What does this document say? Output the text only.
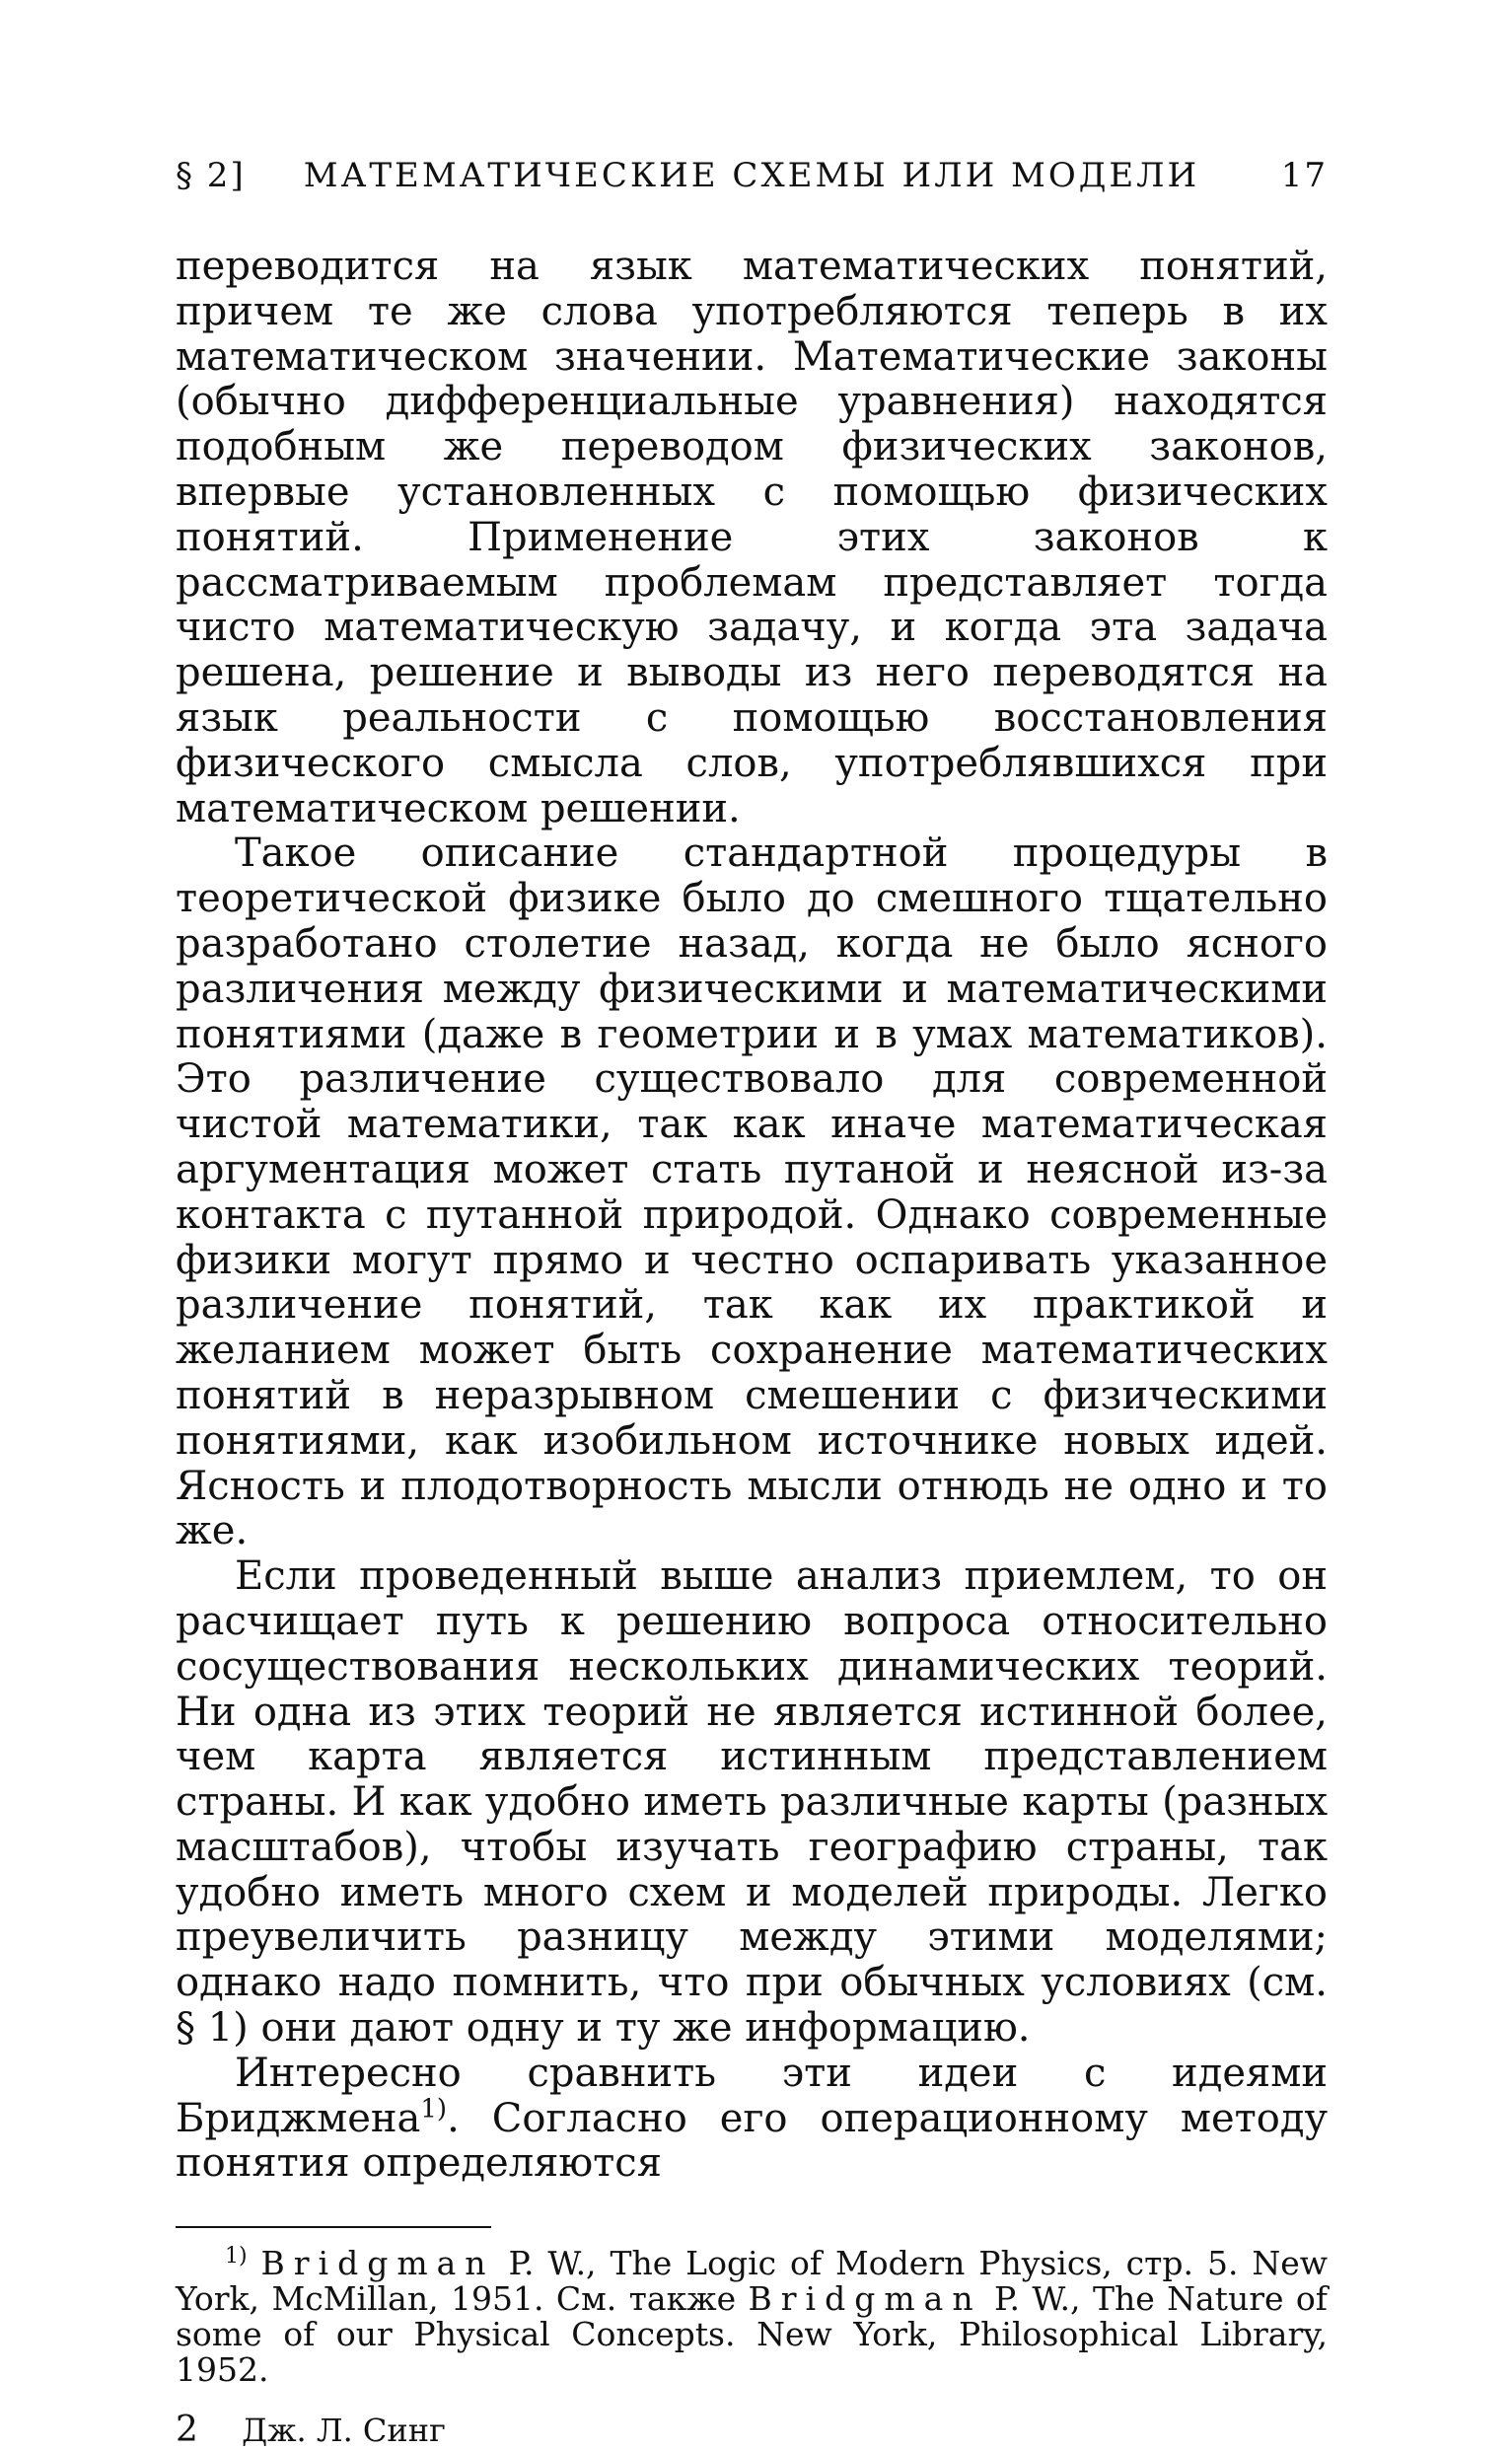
§ 2]	МАТЕМАТИЧЕСКИЕ СХЕМЫ ИЛИ МОДЕЛИ	17

переводится на язык математических понятий, причем те же слова употребляются теперь в их математическом значении. Математические законы (обычно дифференциальные уравнения) находятся подобным же переводом физических законов, впервые установленных с помощью физических понятий. Применение этих законов к рассматриваемым проблемам представляет тогда чисто математическую задачу, и когда эта задача решена, решение и выводы из него переводятся на язык реальности с помощью восстановления физического смысла слов, употреблявшихся при математическом решении.

Такое описание стандартной процедуры в теоретической физике было до смешного тщательно разработано столетие назад, когда не было ясного различения между физическими и математическими понятиями (даже в геометрии и в умах математиков). Это различение существовало для современной чистой математики, так как иначе математическая аргументация может стать путаной и неясной из-за контакта с путанной природой. Однако современные физики могут прямо и честно оспаривать указанное различение понятий, так как их практикой и желанием может быть сохранение математических понятий в неразрывном смешении с физическими понятиями, как изобильном источнике новых идей. Ясность и плодотворность мысли отнюдь не одно и то же.

Если проведенный выше анализ приемлем, то он расчищает путь к решению вопроса относительно сосуществования нескольких динамических теорий. Ни одна из этих теорий не является истинной более, чем карта является истинным представлением страны. И как удобно иметь различные карты (разных масштабов), чтобы изучать географию страны, так удобно иметь много схем и моделей природы. Легко преувеличить разницу между этими моделями; однако надо помнить, что при обычных условиях (см. § 1) они дают одну и ту же информацию.

Интересно сравнить эти идеи с идеями Бриджмена$^{1)}$. Согласно его операционному методу понятия определяются

$^{1)}$ Bridgman P. W., The Logic of Modern Physics, стр. 5. New York, McMillan, 1951. См. также Bridgman P. W., The Nature of some of our Physical Concepts. New York, Philosophical Library, 1952.
2 Дж. Л. Синг
